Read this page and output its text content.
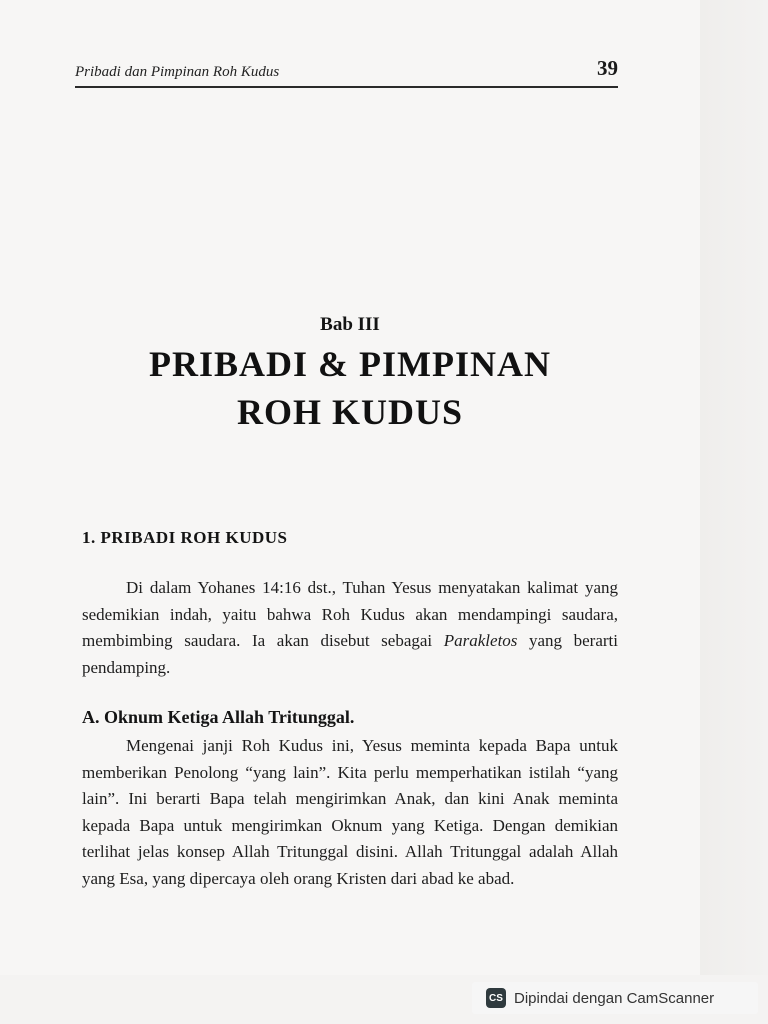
Pribadi dan Pimpinan Roh Kudus	39
Bab III
PRIBADI & PIMPINAN
ROH KUDUS
1. PRIBADI ROH KUDUS

Di dalam Yohanes 14:16 dst., Tuhan Yesus menyatakan kalimat yang sedemikian indah, yaitu bahwa Roh Kudus akan mendampingi saudara, membimbing saudara. Ia akan disebut sebagai Parakletos yang berarti pendamping.

A. Oknum Ketiga Allah Tritunggal.

Mengenai janji Roh Kudus ini, Yesus meminta kepada Bapa untuk memberikan Penolong “yang lain”. Kita perlu memperhatikan istilah “yang lain”. Ini berarti Bapa telah mengirimkan Anak, dan kini Anak meminta kepada Bapa untuk mengirimkan Oknum yang Ketiga. Dengan demikian terlihat jelas konsep Allah Tritunggal disini. Allah Tritunggal adalah Allah yang Esa, yang dipercaya oleh orang Kristen dari abad ke abad.

CS Dipindai dengan CamScanner
